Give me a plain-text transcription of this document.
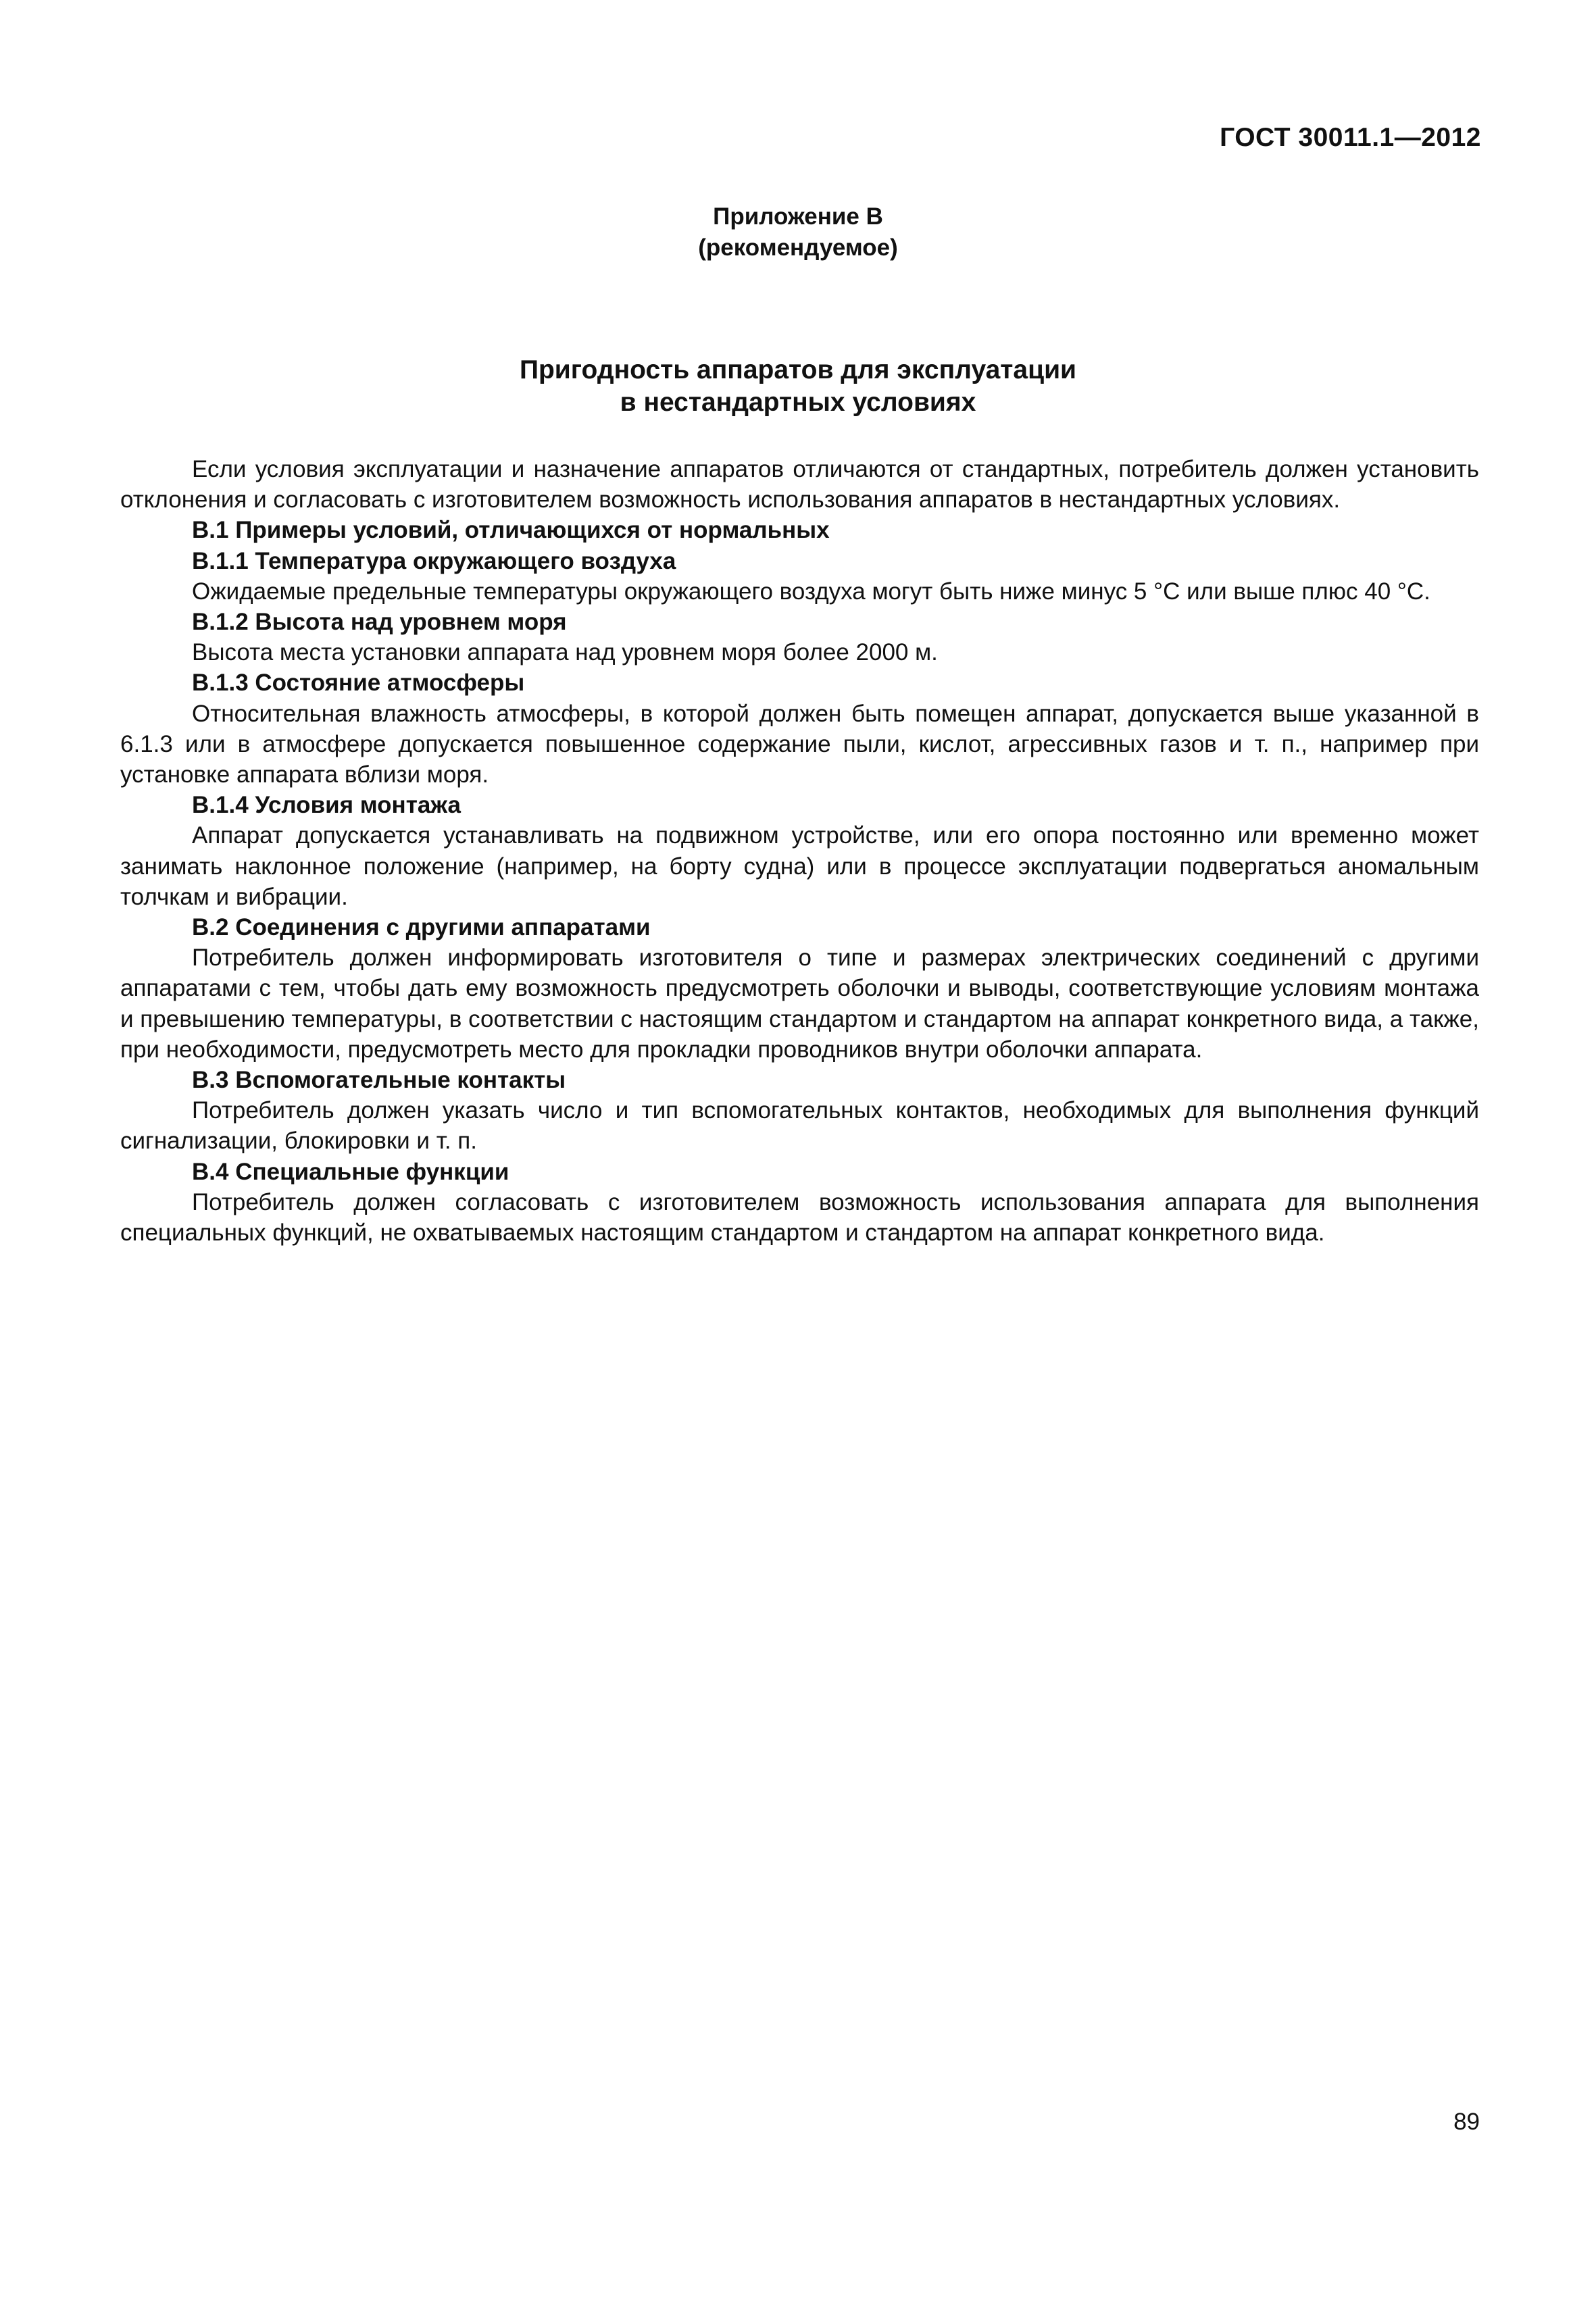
ГОСТ 30011.1—2012
Приложение В
(рекомендуемое)
Пригодность аппаратов для эксплуатации
в нестандартных условиях

Если условия эксплуатации и назначение аппаратов отличаются от стандартных, потребитель должен установить отклонения и согласовать с изготовителем возможность использования аппаратов в нестандартных условиях.

В.1 Примеры условий, отличающихся от нормальных

В.1.1 Температура окружающего воздуха

Ожидаемые предельные температуры окружающего воздуха могут быть ниже минус 5 °С или выше плюс 40 °С.

В.1.2 Высота над уровнем моря

Высота места установки аппарата над уровнем моря более 2000 м.

В.1.3 Состояние атмосферы

Относительная влажность атмосферы, в которой должен быть помещен аппарат, допускается выше указанной в 6.1.3 или в атмосфере допускается повышенное содержание пыли, кислот, агрессивных газов и т. п., например при установке аппарата вблизи моря.

В.1.4 Условия монтажа

Аппарат допускается устанавливать на подвижном устройстве, или его опора постоянно или временно может занимать наклонное положение (например, на борту судна) или в процессе эксплуатации подвергаться аномальным толчкам и вибрации.

В.2 Соединения с другими аппаратами

Потребитель должен информировать изготовителя о типе и размерах электрических соединений с другими аппаратами с тем, чтобы дать ему возможность предусмотреть оболочки и выводы, соответствующие условиям монтажа и превышению температуры, в соответствии с настоящим стандартом и стандартом на аппарат конкретного вида, а также, при необходимости, предусмотреть место для прокладки проводников внутри оболочки аппарата.

В.3 Вспомогательные контакты

Потребитель должен указать число и тип вспомогательных контактов, необходимых для выполнения функций сигнализации, блокировки и т. п.

В.4 Специальные функции

Потребитель должен согласовать с изготовителем возможность использования аппарата для выполнения специальных функций, не охватываемых настоящим стандартом и стандартом на аппарат конкретного вида.

89
